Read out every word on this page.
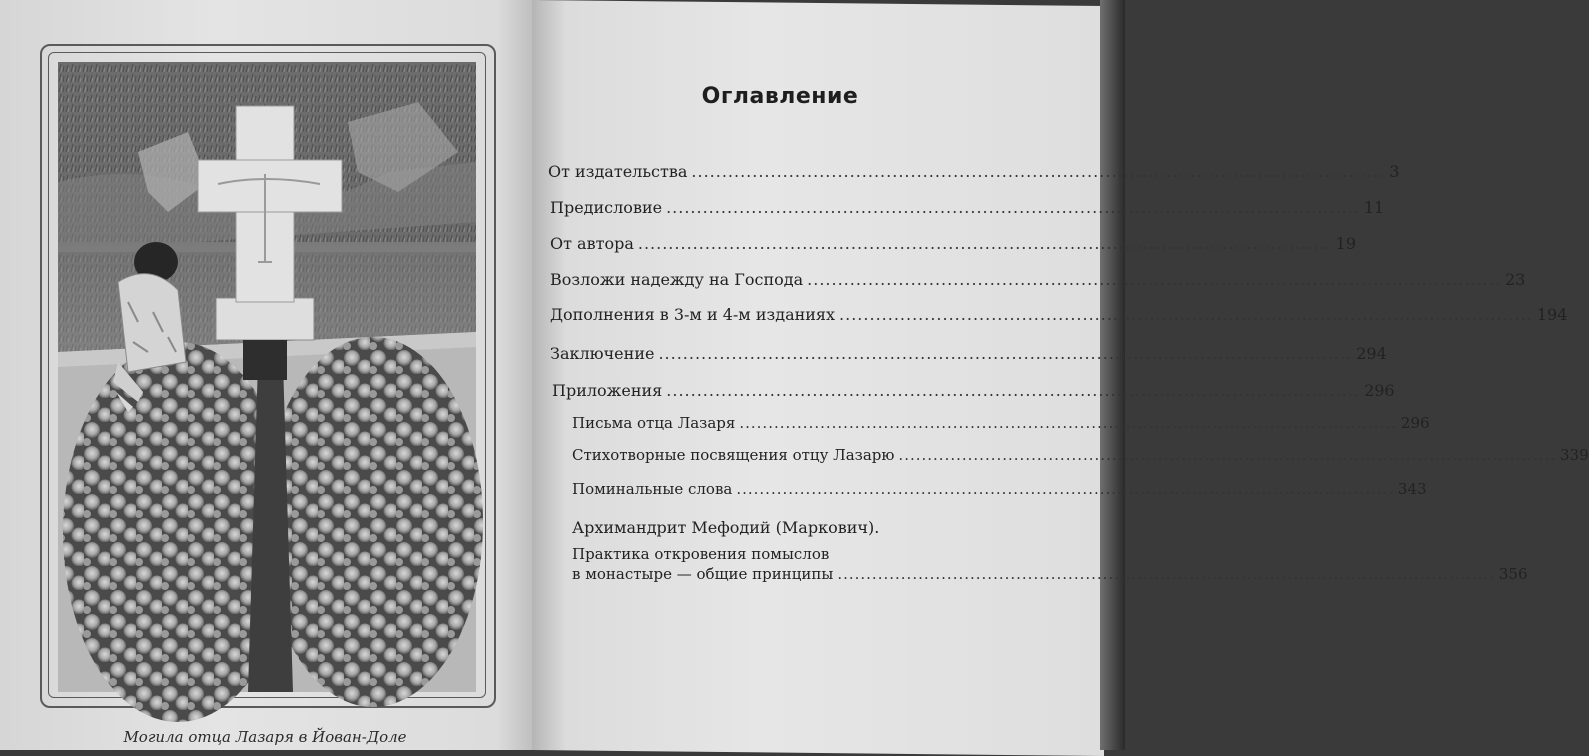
Могила отца Лазаря в Йован-Доле
Оглавление
От издательства .................................................................................................................. 3
Предисловие .................................................................................................................. 11
От автора .................................................................................................................. 19
Возложи надежду на Господа .................................................................................................................. 23
Дополнения в 3-м и 4-м изданиях .................................................................................................................. 194
Заключение .................................................................................................................. 294
Приложения .................................................................................................................. 296
Письма отца Лазаря .................................................................................................................. 296
Стихотворные посвящения отцу Лазарю .................................................................................................................. 339
Поминальные слова .................................................................................................................. 343
Архимандрит Мефодий (Маркович).
Практика откровения помыслов
в монастыре — общие принципы .................................................................................................................. 356
